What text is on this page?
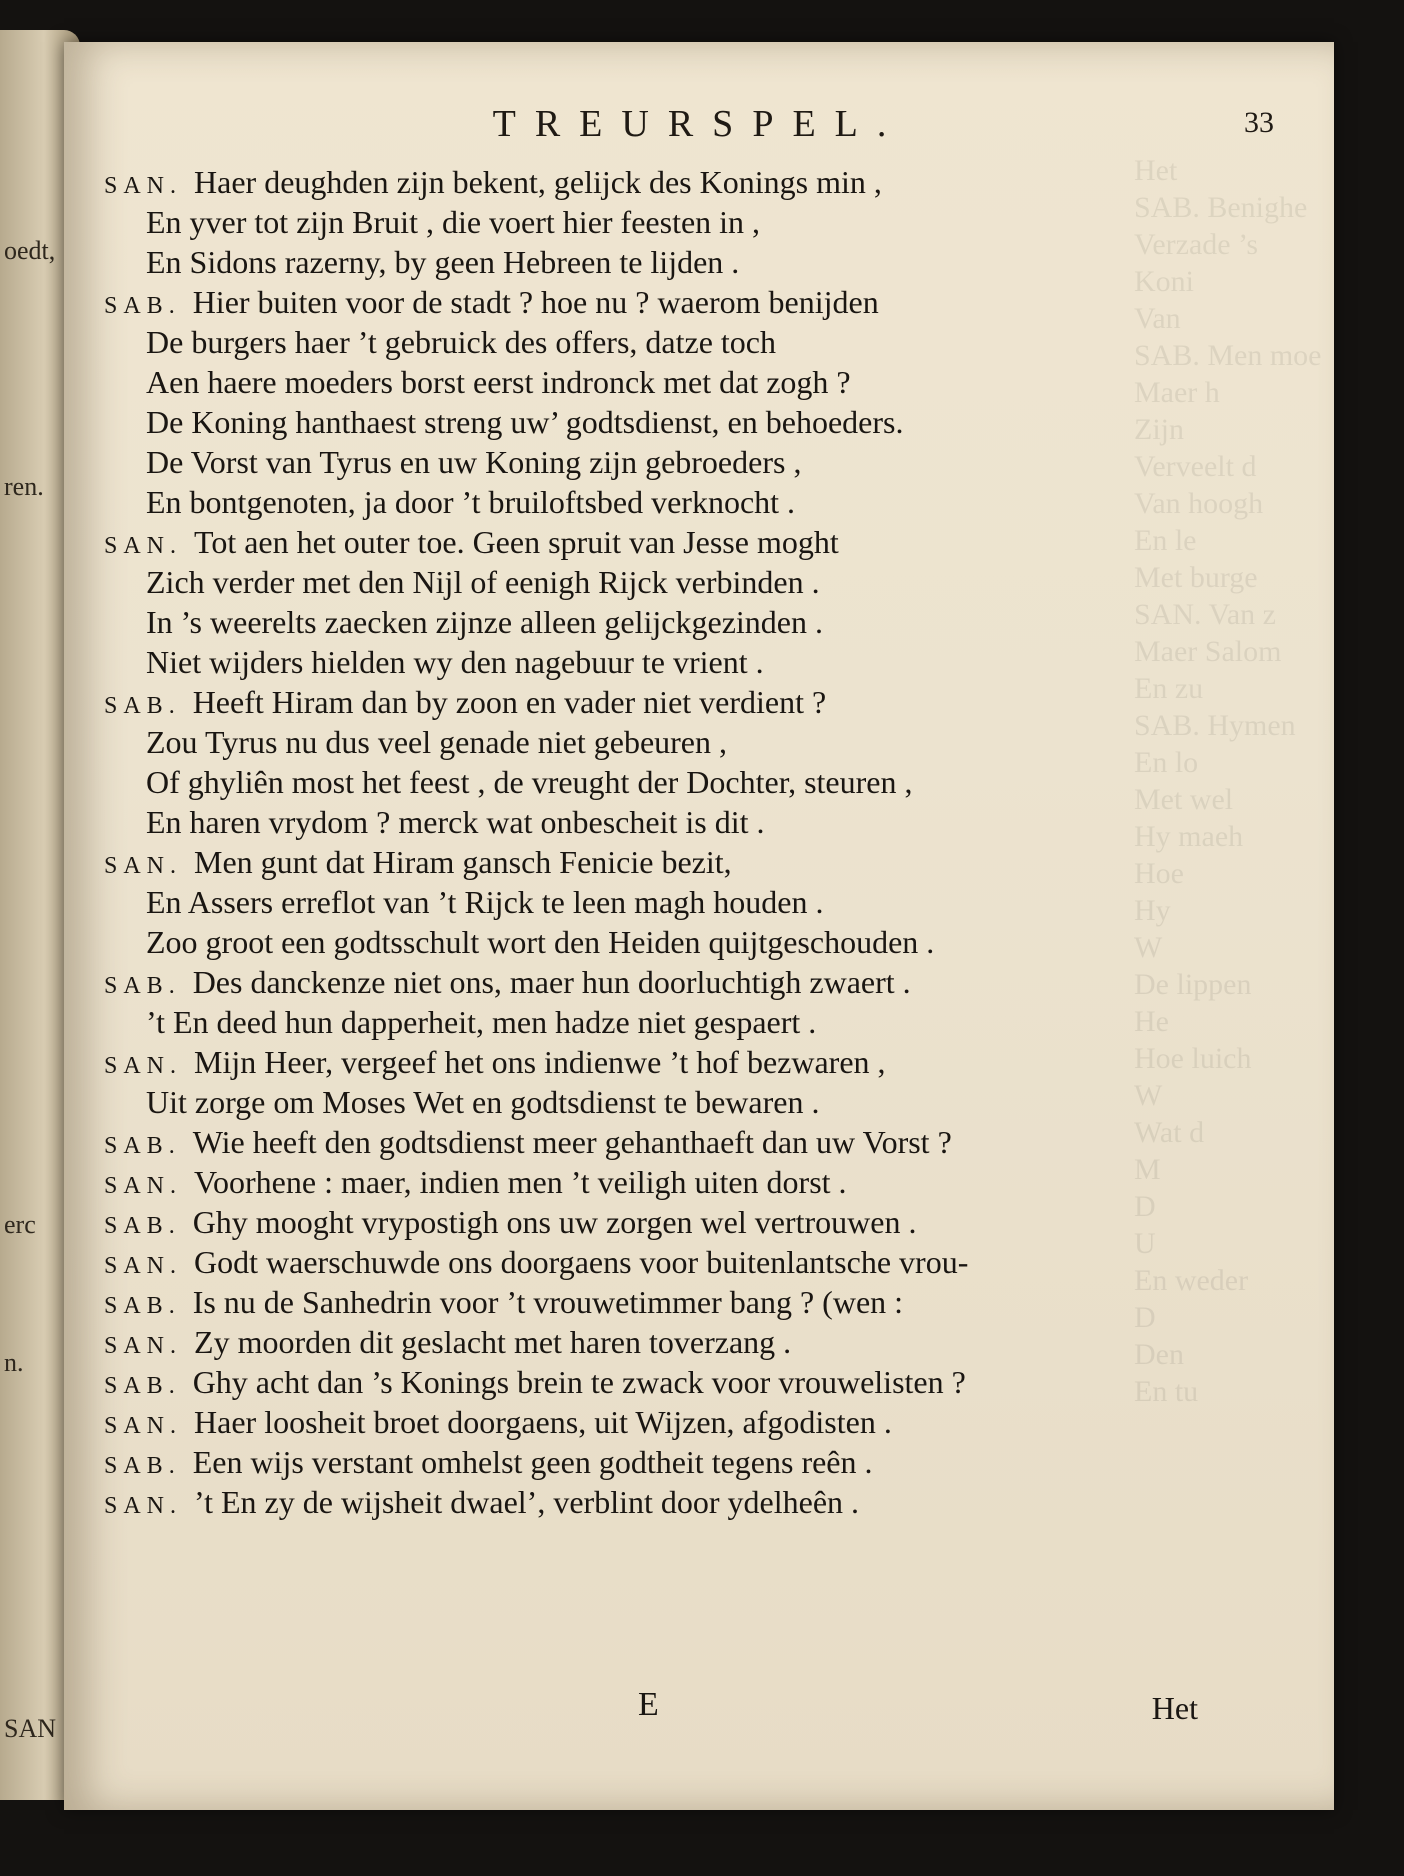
oedt,
ren.
erc
n.
SAN
Het
SAB. Benighe
Verzade ’s Koni
Van
SAB. Men moe
Maer h
Zijn
Verveelt d
Van hoogh
En le
Met burge
SAN. Van z
Maer Salom
En zu
SAB. Hymen
En lo
Met wel
Hy maeh
Hoe
Hy
W
De lippen
He
Hoe luich
W
Wat d
M
D
U
En weder
D
Den
En tu
TREURSPEL.	33
SAN. Haer deughden zijn bekent, gelijck des Konings min ,
En yver tot zijn Bruit , die voert hier feesten in ,
En Sidons razerny, by geen Hebreen te lijden .
SAB. Hier buiten voor de stadt ? hoe nu ? waerom benijden
De burgers haer ’t gebruick des offers, datze toch
Aen haere moeders borst eerst indronck met dat zogh ?
De Koning hanthaest streng uw’ godtsdienst, en behoeders.
De Vorst van Tyrus en uw Koning zijn gebroeders ,
En bontgenoten, ja door ’t bruiloftsbed verknocht .
SAN. Tot aen het outer toe. Geen spruit van Jesse moght
Zich verder met den Nijl of eenigh Rijck verbinden .
In ’s weerelts zaecken zijnze alleen gelijckgezinden .
Niet wijders hielden wy den nagebuur te vrient .
SAB. Heeft Hiram dan by zoon en vader niet verdient ?
Zou Tyrus nu dus veel genade niet gebeuren ,
Of ghyliên most het feest , de vreught der Dochter, steuren ,
En haren vrydom ? merck wat onbescheit is dit .
SAN. Men gunt dat Hiram gansch Fenicie bezit,
En Assers erreflot van ’t Rijck te leen magh houden .
Zoo groot een godtsschult wort den Heiden quijtgeschouden .
SAB. Des danckenze niet ons, maer hun doorluchtigh zwaert .
’t En deed hun dapperheit, men hadze niet gespaert .
SAN. Mijn Heer, vergeef het ons indienwe ’t hof bezwaren ,
Uit zorge om Moses Wet en godtsdienst te bewaren .
SAB. Wie heeft den godtsdienst meer gehanthaeft dan uw Vorst ?
SAN. Voorhene : maer, indien men ’t veiligh uiten dorst .
SAB. Ghy mooght vrypostigh ons uw zorgen wel vertrouwen .
SAN. Godt waerschuwde ons doorgaens voor buitenlantsche vrou-
SAB. Is nu de Sanhedrin voor ’t vrouwetimmer bang ? (wen :
SAN. Zy moorden dit geslacht met haren toverzang .
SAB. Ghy acht dan ’s Konings brein te zwack voor vrouwelisten ?
SAN. Haer loosheit broet doorgaens, uit Wijzen, afgodisten .
SAB. Een wijs verstant omhelst geen godtheit tegens reên .
SAN. ’t En zy de wijsheit dwael’, verblint door ydelheên .
E	Het
